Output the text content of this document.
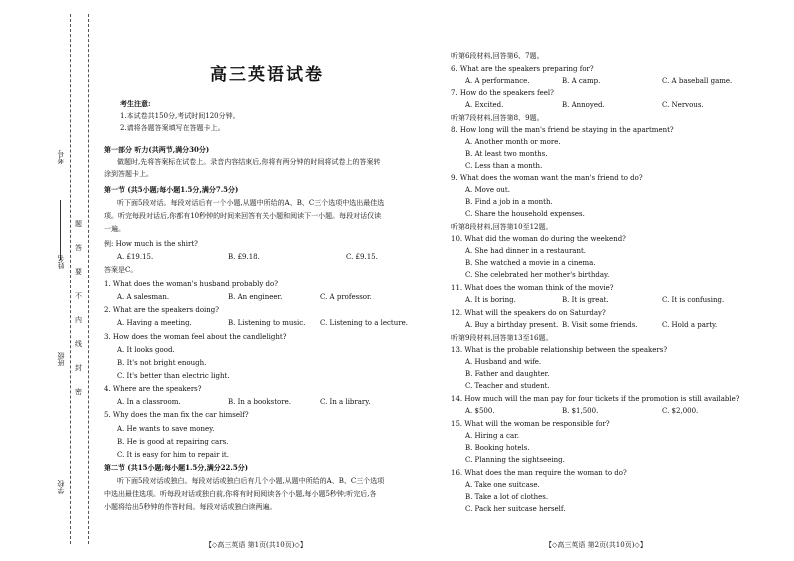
考号
姓名
班级
学校
题
答
要
不
内
线
封
密
高三英语试卷
考生注意:
1.本试卷共150分,考试时间120分钟。
2.请将各题答案填写在答题卡上。
第一部分 听力(共两节,满分30分)
做题时,先将答案标在试卷上。录音内容结束后,你将有两分钟的时间将试卷上的答案转
涂到答题卡上。
第一节 (共5小题;每小题1.5分,满分7.5分)
听下面5段对话。每段对话后有一个小题,从题中所给的A、B、C三个选项中选出最佳选
项。听完每段对话后,你都有10秒钟的时间来回答有关小题和阅读下一小题。每段对话仅读
一遍。
例: How much is the shirt?
A. £19.15.	B. £9.18.	C. £9.15.
答案是C。
1. What does the woman's husband probably do?
A. A salesman.	B. An engineer.	C. A professor.
2. What are the speakers doing?
A. Having a meeting.	B. Listening to music. C. Listening to a lecture.
3. How does the woman feel about the candlelight?
A. It looks good.
B. It's not bright enough.
C. It's better than electric light.
4. Where are the speakers?
A. In a classroom.	B. In a bookstore.	C. In a library.
5. Why does the man fix the car himself?
A. He wants to save money.
B. He is good at repairing cars.
C. It is easy for him to repair it.
第二节 (共15小题;每小题1.5分,满分22.5分)
听下面5段对话或独白。每段对话或独白后有几个小题,从题中所给的A、B、C三个选项
中选出最佳选项。听每段对话或独白前,你将有时间阅读各个小题,每小题5秒钟;听完后,各
小题将给出5秒钟的作答时间。每段对话或独白读两遍。
【◇高三英语 第1页(共10页)◇】
听第6段材料,回答第6、7题。
6. What are the speakers preparing for?
A. A performance.	B. A camp.	C. A baseball game.
7. How do the speakers feel?
A. Excited.	B. Annoyed.	C. Nervous.
听第7段材料,回答第8、9题。
8. How long will the man's friend be staying in the apartment?
A. Another month or more.
B. At least two months.
C. Less than a month.
9. What does the woman want the man's friend to do?
A. Move out.
B. Find a job in a month.
C. Share the household expenses.
听第8段材料,回答第10至12题。
10. What did the woman do during the weekend?
A. She had dinner in a restaurant.
B. She watched a movie in a cinema.
C. She celebrated her mother's birthday.
11. What does the woman think of the movie?
A. It is boring.	B. It is great.	C. It is confusing.
12. What will the speakers do on Saturday?
A. Buy a birthday present. B. Visit some friends.	C. Hold a party.
听第9段材料,回答第13至16题。
13. What is the probable relationship between the speakers?
A. Husband and wife.
B. Father and daughter.
C. Teacher and student.
14. How much will the man pay for four tickets if the promotion is still available?
A. $500.	B. $1,500.	C. $2,000.
15. What will the woman be responsible for?
A. Hiring a car.
B. Booking hotels.
C. Planning the sightseeing.
16. What does the man require the woman to do?
A. Take one suitcase.
B. Take a lot of clothes.
C. Pack her suitcase herself.
【◇高三英语 第2页(共10页)◇】
